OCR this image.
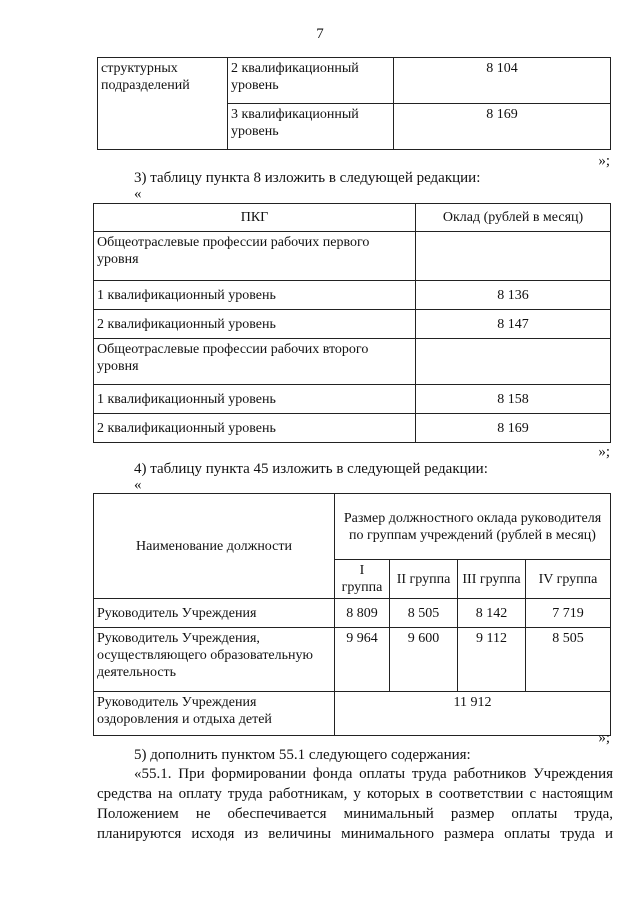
7
структурных подразделений	2 квалификационный уровень	8 104
	3 квалификационный уровень	8 169
»;
3) таблицу пункта 8 изложить в следующей редакции:
«
ПКГ	Оклад (рублей в месяц)
Общеотраслевые профессии рабочих первого уровня	
1 квалификационный уровень	8 136
2 квалификационный уровень	8 147
Общеотраслевые профессии рабочих второго уровня	
1 квалификационный уровень	8 158
2 квалификационный уровень	8 169
»;
4) таблицу пункта 45 изложить в следующей редакции:
«
Наименование должности	Размер должностного оклада руководителя по группам учреждений (рублей в месяц)			
	I группа	II группа	III группа	IV группа
Руководитель Учреждения	8 809	8 505	8 142	7 719
Руководитель Учреждения, осуществляющего образовательную деятельность	9 964	9 600	9 112	8 505
Руководитель Учреждения оздоровления и отдыха детей	11 912			
»;
5) дополнить пунктом 55.1 следующего содержания:
«55.1. При формировании фонда оплаты труда работников Учреждения
средства на оплату труда работникам, у которых в соответствии с настоящим
Положением не обеспечивается минимальный размер оплаты труда,
планируются исходя из величины минимального размера оплаты труда и
